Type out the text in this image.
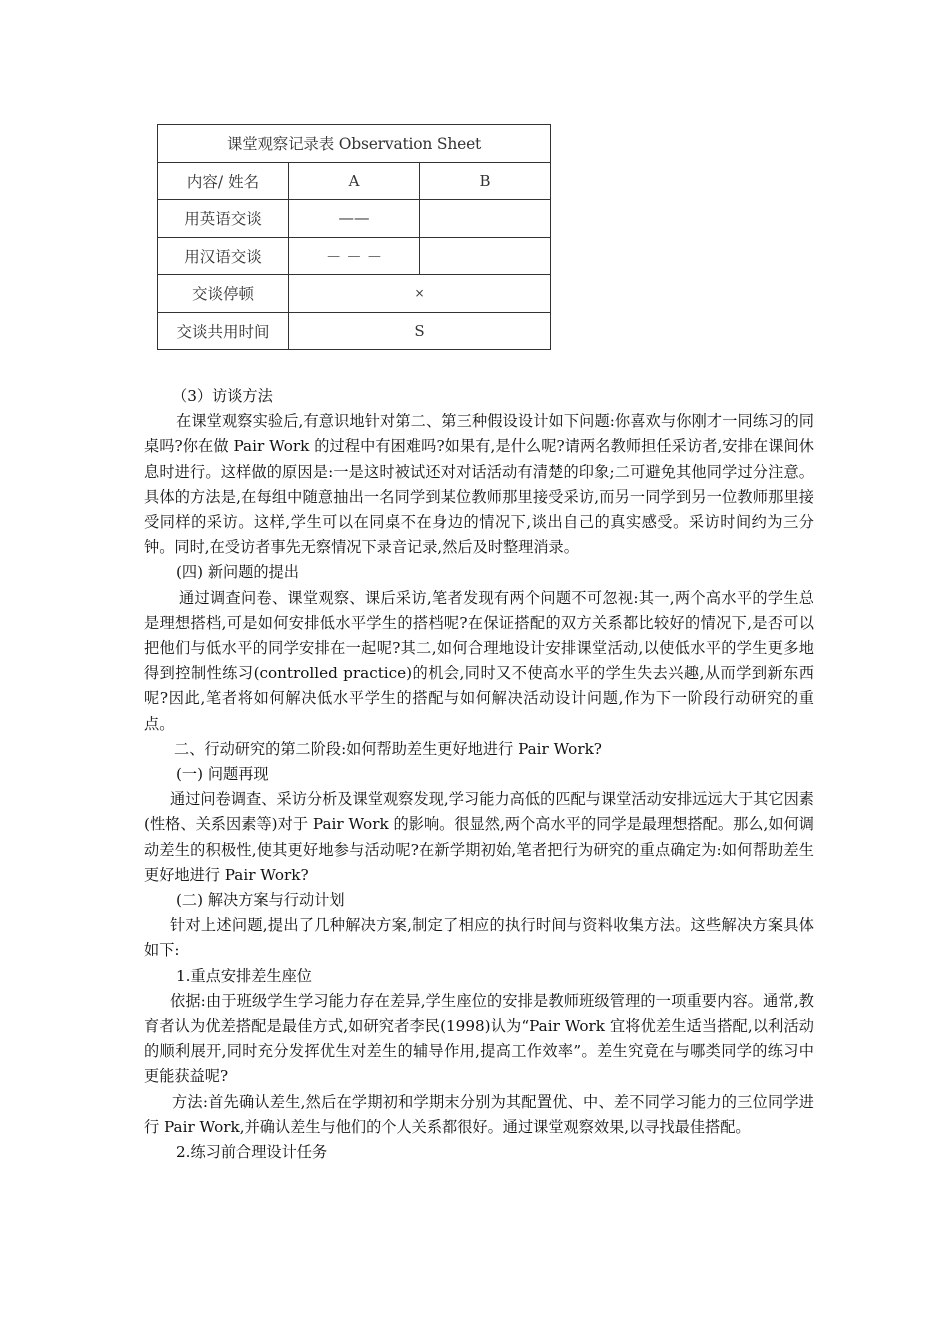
课堂观察记录表 Observation Sheet		
内容/ 姓名	A	B
用英语交谈	——	
用汉语交谈	－ － －	
交谈停顿	×	
交谈共用时间	S	

（3）访谈方法

在课堂观察实验后,有意识地针对第二、第三种假设设计如下问题:你喜欢与你刚才一同练习的同桌吗?你在做 Pair Work 的过程中有困难吗?如果有,是什么呢?请两名教师担任采访者,安排在课间休息时进行。这样做的原因是:一是这时被试还对对话活动有清楚的印象;二可避免其他同学过分注意。具体的方法是,在每组中随意抽出一名同学到某位教师那里接受采访,而另一同学到另一位教师那里接受同样的采访。这样,学生可以在同桌不在身边的情况下,谈出自己的真实感受。采访时间约为三分钟。同时,在受访者事先无察情况下录音记录,然后及时整理消录。

(四) 新问题的提出

通过调查问卷、课堂观察、课后采访,笔者发现有两个问题不可忽视:其一,两个高水平的学生总是理想搭档,可是如何安排低水平学生的搭档呢?在保证搭配的双方关系都比较好的情况下,是否可以把他们与低水平的同学安排在一起呢?其二,如何合理地设计安排课堂活动,以使低水平的学生更多地得到控制性练习(controlled practice)的机会,同时又不使高水平的学生失去兴趣,从而学到新东西呢?因此,笔者将如何解决低水平学生的搭配与如何解决活动设计问题,作为下一阶段行动研究的重点。

二、行动研究的第二阶段:如何帮助差生更好地进行 Pair Work?

(一) 问题再现

通过问卷调查、采访分析及课堂观察发现,学习能力高低的匹配与课堂活动安排远远大于其它因素(性格、关系因素等)对于 Pair Work 的影响。很显然,两个高水平的同学是最理想搭配。那么,如何调动差生的积极性,使其更好地参与活动呢?在新学期初始,笔者把行为研究的重点确定为:如何帮助差生更好地进行 Pair Work?

(二) 解决方案与行动计划

针对上述问题,提出了几种解决方案,制定了相应的执行时间与资料收集方法。这些解决方案具体如下:

1.重点安排差生座位

依据:由于班级学生学习能力存在差异,学生座位的安排是教师班级管理的一项重要内容。通常,教育者认为优差搭配是最佳方式,如研究者李民(1998)认为“Pair Work 宜将优差生适当搭配,以利活动的顺利展开,同时充分发挥优生对差生的辅导作用,提高工作效率”。差生究竟在与哪类同学的练习中更能获益呢?

方法:首先确认差生,然后在学期初和学期末分别为其配置优、中、差不同学习能力的三位同学进行 Pair Work,并确认差生与他们的个人关系都很好。通过课堂观察效果,以寻找最佳搭配。

2.练习前合理设计任务
